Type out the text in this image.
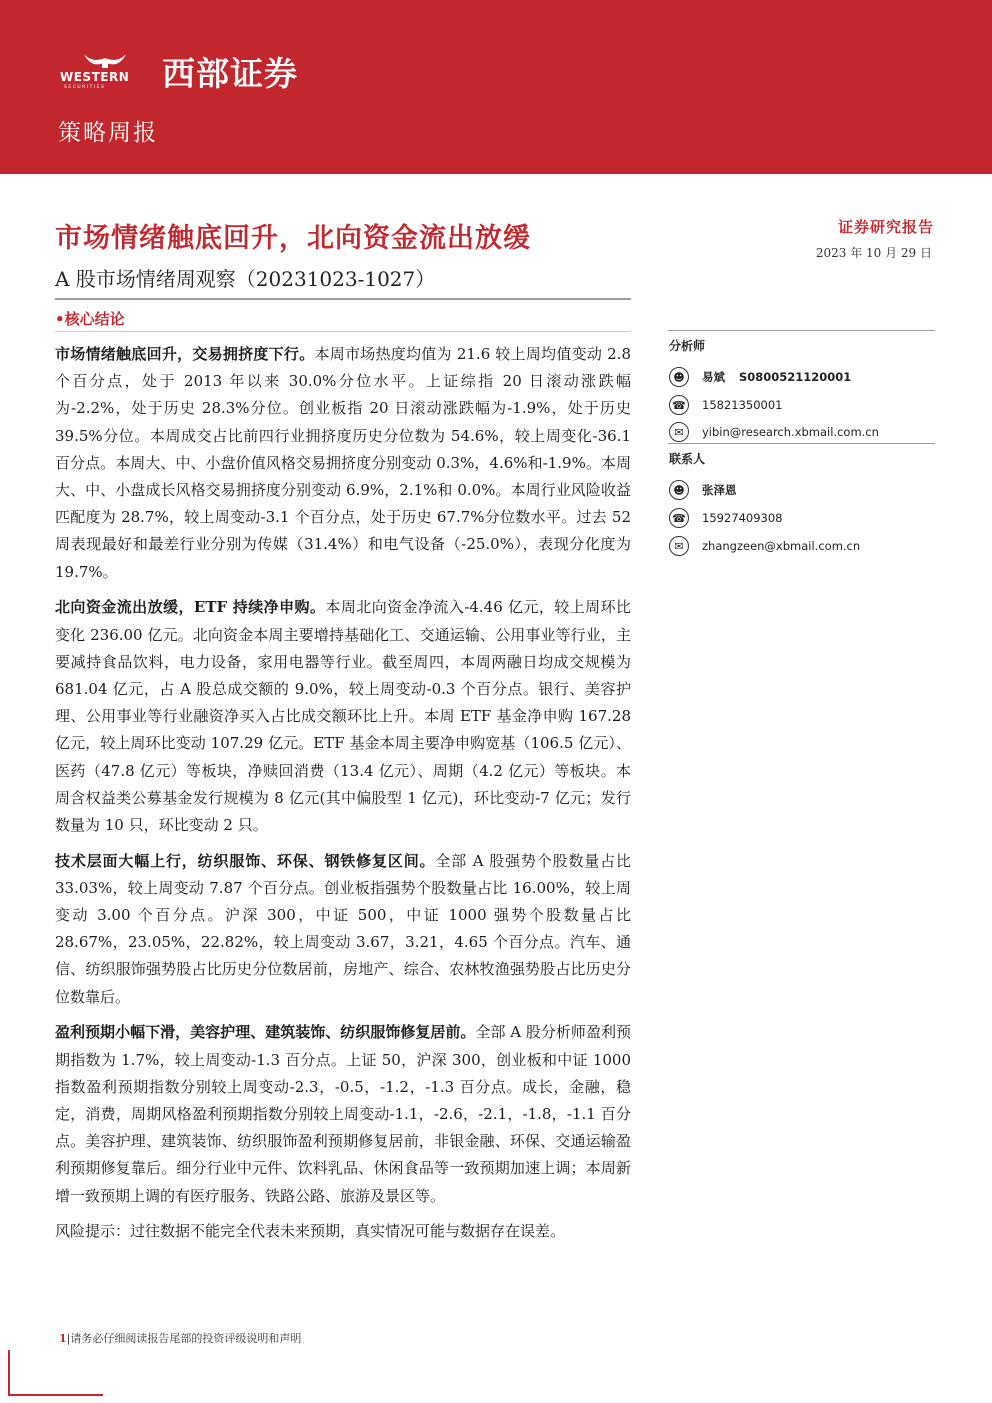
WESTERN
SECURITIES 西部证券
策略周报
市场情绪触底回升，北向资金流出放缓
A 股市场情绪周观察（20231023-1027）
•核心结论
证券研究报告
2023 年 10 月 29 日
分析师
☻	易斌 S0800521120001
☎ 15821350001
✉	yibin@research.xbmail.com.cn
联系人
☻	张泽恩
☎ 15927409308
✉	zhangzeen@xbmail.com.cn

市场情绪触底回升，交易拥挤度下行。本周市场热度均值为 21.6 较上周均值变动 2.8 个百分点，处于 2013 年以来 30.0%分位水平。上证综指 20 日滚动涨跌幅为-2.2%，处于历史 28.3%分位。创业板指 20 日滚动涨跌幅为-1.9%，处于历史 39.5%分位。本周成交占比前四行业拥挤度历史分位数为 54.6%，较上周变化-36.1 百分点。本周大、中、小盘价值风格交易拥挤度分别变动 0.3%，4.6%和-1.9%。本周大、中、小盘成长风格交易拥挤度分别变动 6.9%，2.1%和 0.0%。本周行业风险收益匹配度为 28.7%，较上周变动-3.1 个百分点，处于历史 67.7%分位数水平。过去 52 周表现最好和最差行业分别为传媒（31.4%）和电气设备（-25.0%），表现分化度为 19.7%。

北向资金流出放缓，ETF 持续净申购。本周北向资金净流入-4.46 亿元，较上周环比变化 236.00 亿元。北向资金本周主要增持基础化工、交通运输、公用事业等行业，主要减持食品饮料，电力设备，家用电器等行业。截至周四，本周两融日均成交规模为 681.04 亿元，占 A 股总成交额的 9.0%，较上周变动-0.3 个百分点。银行、美容护理、公用事业等行业融资净买入占比成交额环比上升。本周 ETF 基金净申购 167.28 亿元，较上周环比变动 107.29 亿元。ETF 基金本周主要净申购宽基（106.5 亿元）、医药（47.8 亿元）等板块，净赎回消费（13.4 亿元）、周期（4.2 亿元）等板块。本周含权益类公募基金发行规模为 8 亿元(其中偏股型 1 亿元)，环比变动-7 亿元；发行数量为 10 只，环比变动 2 只。

技术层面大幅上行，纺织服饰、环保、钢铁修复区间。全部 A 股强势个股数量占比 33.03%，较上周变动 7.87 个百分点。创业板指强势个股数量占比 16.00%，较上周变动 3.00 个百分点。沪深 300，中证 500，中证 1000 强势个股数量占比 28.67%，23.05%，22.82%，较上周变动 3.67，3.21，4.65 个百分点。汽车、通信、纺织服饰强势股占比历史分位数居前，房地产、综合、农林牧渔强势股占比历史分位数靠后。

盈利预期小幅下滑，美容护理、建筑装饰、纺织服饰修复居前。全部 A 股分析师盈利预期指数为 1.7%，较上周变动-1.3 百分点。上证 50，沪深 300，创业板和中证 1000 指数盈利预期指数分别较上周变动-2.3，-0.5，-1.2，-1.3 百分点。成长，金融，稳定，消费，周期风格盈利预期指数分别较上周变动-1.1，-2.6，-2.1，-1.8，-1.1 百分点。美容护理、建筑装饰、纺织服饰盈利预期修复居前，非银金融、环保、交通运输盈利预期修复靠后。细分行业中元件、饮料乳品、休闲食品等一致预期加速上调；本周新增一致预期上调的有医疗服务、铁路公路、旅游及景区等。

风险提示：过往数据不能完全代表未来预期，真实情况可能与数据存在误差。

1|请务必仔细阅读报告尾部的投资评级说明和声明
